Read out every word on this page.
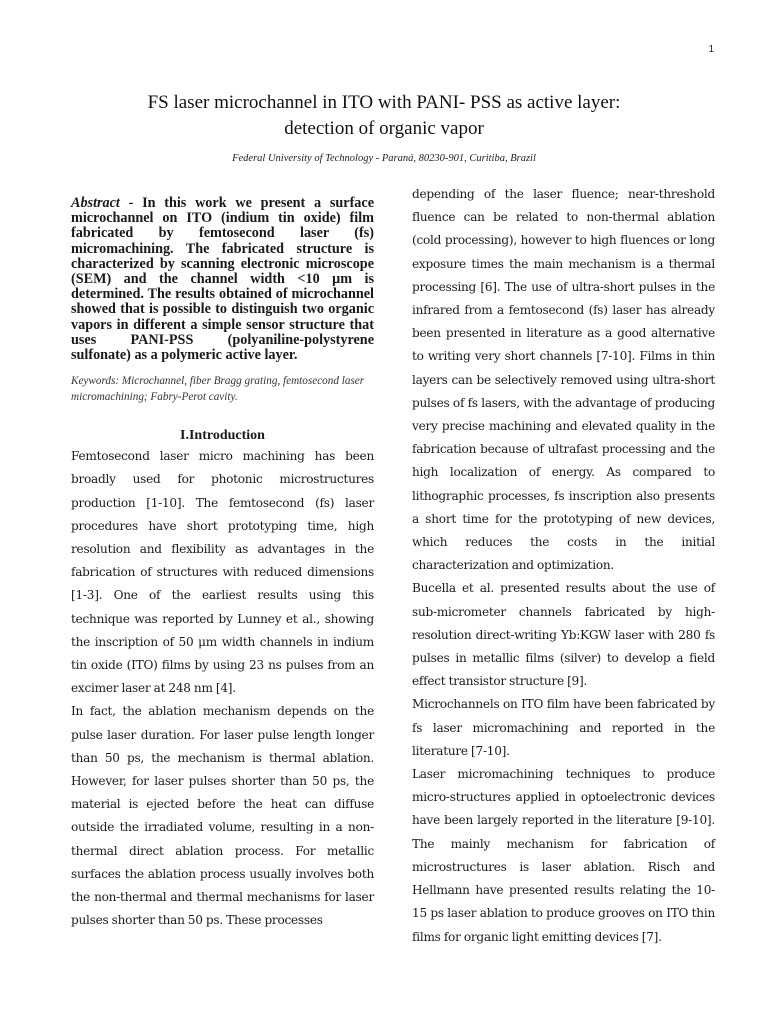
1
FS laser microchannel in ITO with PANI- PSS as active layer:
detection of organic vapor
Federal University of Technology - Paraná, 80230-901, Curitiba, Brazil

Abstract - In this work we present a surface microchannel on ITO (indium tin oxide) film fabricated by femtosecond laser (fs) micromachining. The fabricated structure is characterized by scanning electronic microscope (SEM) and the channel width <10 μm is determined. The results obtained of microchannel showed that is possible to distinguish two organic vapors in different a simple sensor structure that uses PANI-PSS (polyaniline-polystyrene sulfonate) as a polymeric active layer.

Keywords: Microchannel, fiber Bragg grating, femtosecond laser micromachining; Fabry-Perot cavity.

I.Introduction

Femtosecond laser micro machining has been broadly used for photonic microstructures production [1-10]. The femtosecond (fs) laser procedures have short prototyping time, high resolution and flexibility as advantages in the fabrication of structures with reduced dimensions [1-3]. One of the earliest results using this technique was reported by Lunney et al., showing the inscription of 50 μm width channels in indium tin oxide (ITO) films by using 23 ns pulses from an excimer laser at 248 nm [4].

In fact, the ablation mechanism depends on the pulse laser duration. For laser pulse length longer than 50 ps, the mechanism is thermal ablation. However, for laser pulses shorter than 50 ps, the material is ejected before the heat can diffuse outside the irradiated volume, resulting in a non-thermal direct ablation process. For metallic surfaces the ablation process usually involves both the non-thermal and thermal mechanisms for laser pulses shorter than 50 ps. These processes

depending of the laser fluence; near-threshold fluence can be related to non-thermal ablation (cold processing), however to high fluences or long exposure times the main mechanism is a thermal processing [6]. The use of ultra-short pulses in the infrared from a femtosecond (fs) laser has already been presented in literature as a good alternative to writing very short channels [7-10]. Films in thin layers can be selectively removed using ultra-short pulses of fs lasers, with the advantage of producing very precise machining and elevated quality in the fabrication because of ultrafast processing and the high localization of energy. As compared to lithographic processes, fs inscription also presents a short time for the prototyping of new devices, which reduces the costs in the initial characterization and optimization.

Bucella et al. presented results about the use of sub-micrometer channels fabricated by high-resolution direct-writing Yb:KGW laser with 280 fs pulses in metallic films (silver) to develop a field effect transistor structure [9].

Microchannels on ITO film have been fabricated by fs laser micromachining and reported in the literature [7-10].

Laser micromachining techniques to produce micro-structures applied in optoelectronic devices have been largely reported in the literature [9-10]. The mainly mechanism for fabrication of microstructures is laser ablation. Risch and Hellmann have presented results relating the 10-15 ps laser ablation to produce grooves on ITO thin films for organic light emitting devices [7].
